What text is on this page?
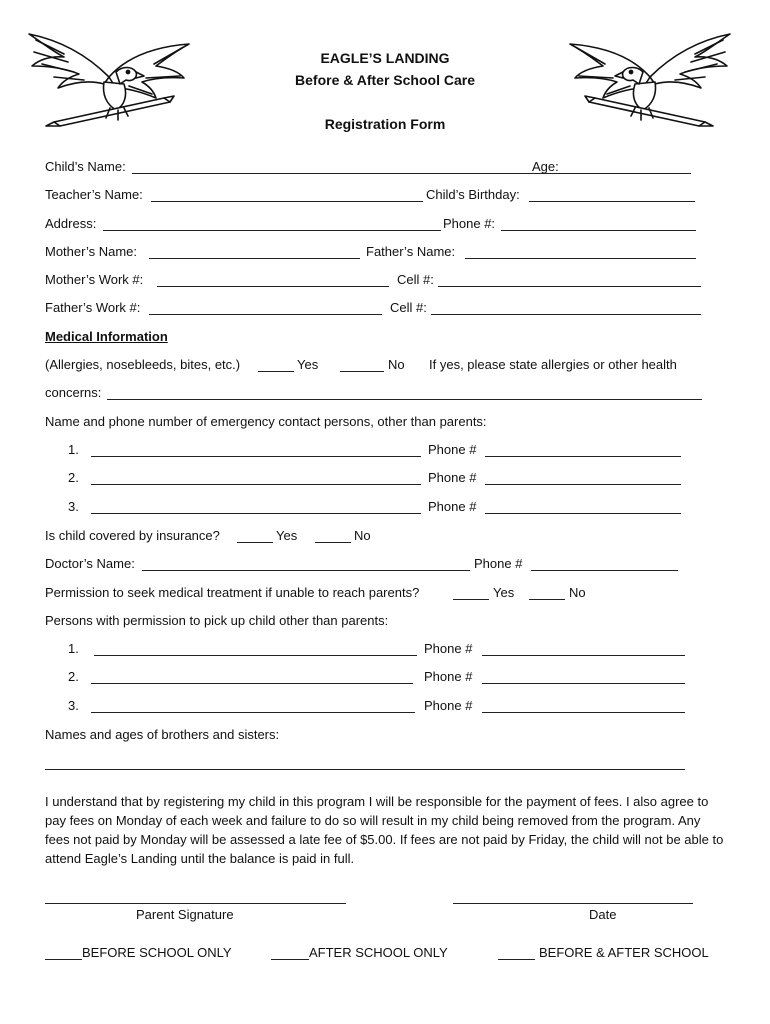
EAGLE’S LANDING
Before & After School Care
Registration Form
Child’s Name:	Age:
Teacher’s Name:	Child’s Birthday:
Address:	Phone #:
Mother’s Name:	Father’s Name:
Mother’s Work #:	Cell #:
Father’s Work #:	Cell #:
Medical Information
(Allergies, nosebleeds, bites, etc.)	Yes	No If yes, please state allergies or other health
concerns:
Name and phone number of emergency contact persons, other than parents:
1.	Phone #
2.	Phone #
3.	Phone #
Is child covered by insurance?	Yes	No
Doctor’s Name:	Phone #
Permission to seek medical treatment if unable to reach parents?	Yes	No
Persons with permission to pick up child other than parents:
1.	Phone #
2.	Phone #
3.	Phone #
Names and ages of brothers and sisters:
I understand that by registering my child in this program I will be responsible for the payment of fees. I also agree to pay fees on Monday of each week and failure to do so will result in my child being removed from the program. Any fees not paid by Monday will be assessed a late fee of $5.00. If fees are not paid by Friday, the child will not be able to attend Eagle’s Landing until the balance is paid in full.
Parent Signature	Date
BEFORE SCHOOL ONLY	AFTER SCHOOL ONLY	BEFORE & AFTER SCHOOL
